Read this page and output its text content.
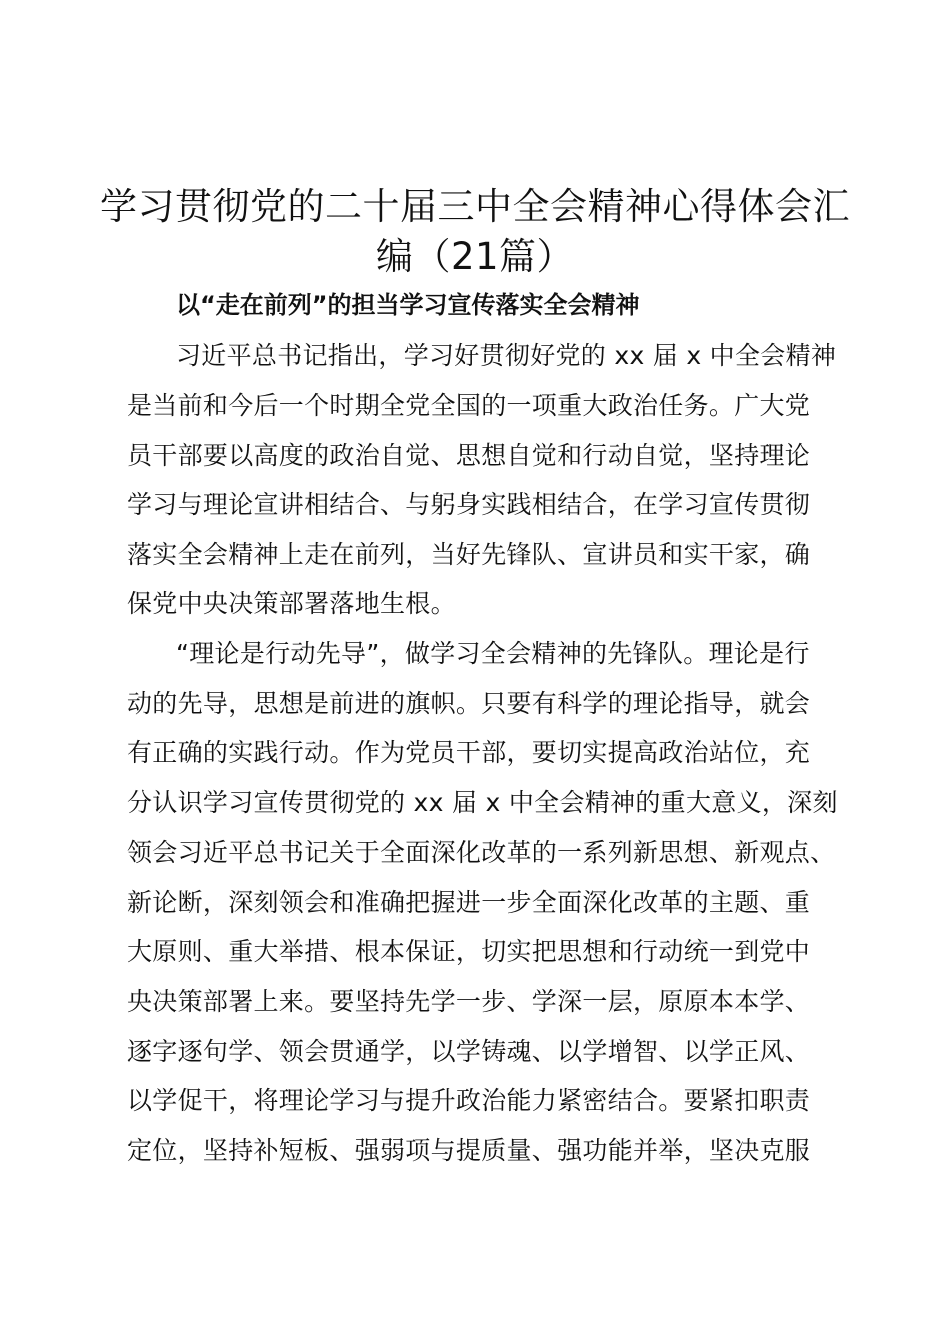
学习贯彻党的二十届三中全会精神心得体会汇
编（21篇）
以“走在前列”的担当学习宣传落实全会精神
习近平总书记指出，学习好贯彻好党的 xx 届 x 中全会精神
是当前和今后一个时期全党全国的一项重大政治任务。广大党
员干部要以高度的政治自觉、思想自觉和行动自觉，坚持理论
学习与理论宣讲相结合、与躬身实践相结合，在学习宣传贯彻
落实全会精神上走在前列，当好先锋队、宣讲员和实干家，确
保党中央决策部署落地生根。
“理论是行动先导”，做学习全会精神的先锋队。理论是行
动的先导，思想是前进的旗帜。只要有科学的理论指导，就会
有正确的实践行动。作为党员干部，要切实提高政治站位，充
分认识学习宣传贯彻党的 xx 届 x 中全会精神的重大意义，深刻
领会习近平总书记关于全面深化改革的一系列新思想、新观点、
新论断，深刻领会和准确把握进一步全面深化改革的主题、重
大原则、重大举措、根本保证，切实把思想和行动统一到党中
央决策部署上来。要坚持先学一步、学深一层，原原本本学、
逐字逐句学、领会贯通学，以学铸魂、以学增智、以学正风、
以学促干，将理论学习与提升政治能力紧密结合。要紧扣职责
定位，坚持补短板、强弱项与提质量、强功能并举，坚决克服
